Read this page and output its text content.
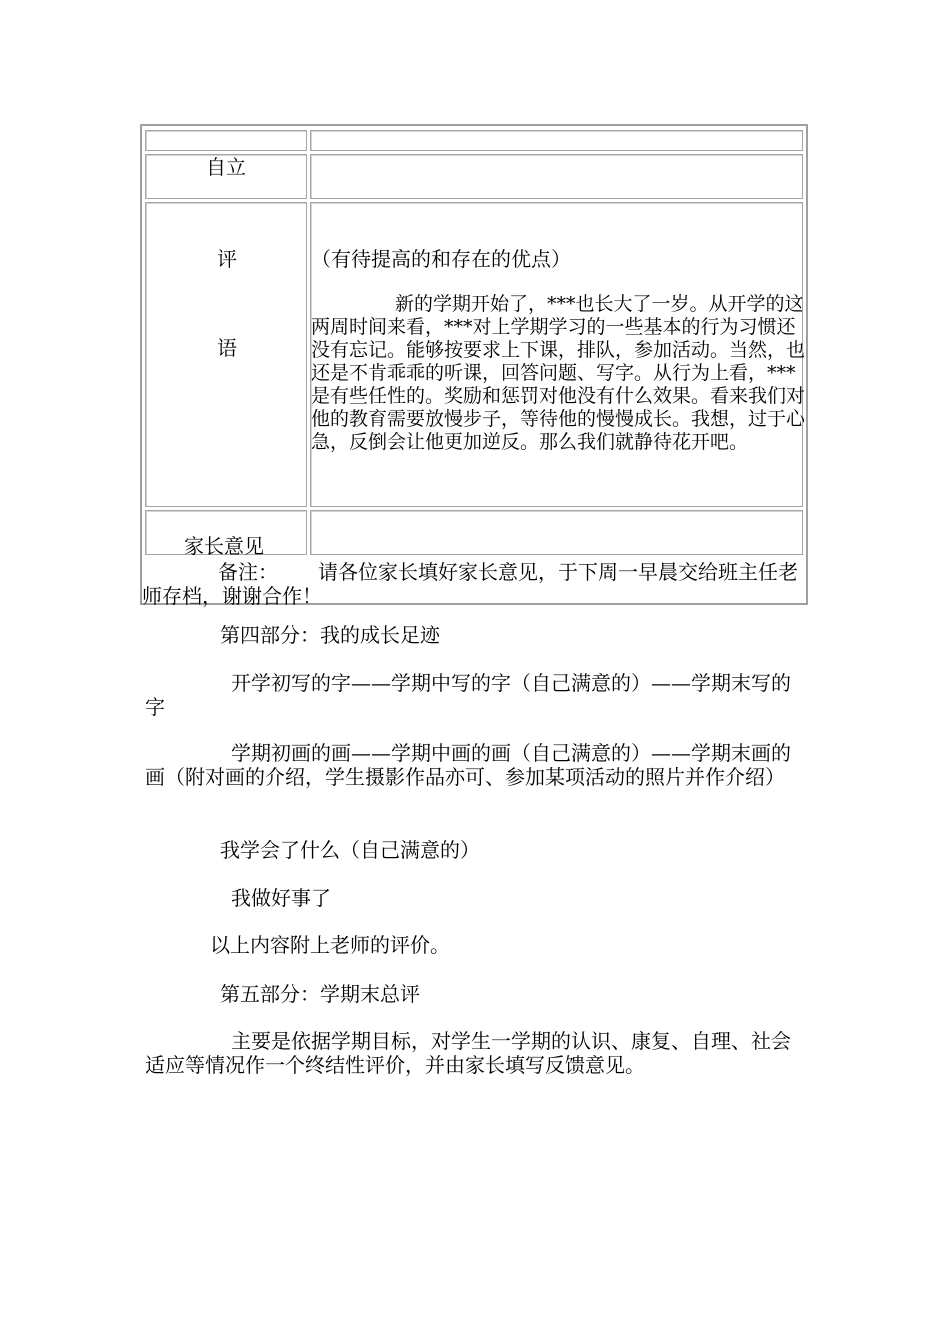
自立
评
语
（有待提高的和存在的优点）
新的学期开始了，***也长大了一岁。从开学的这两周时间来看，***对上学期学习的一些基本的行为习惯还没有忘记。能够按要求上下课，排队，参加活动。当然，也还是不肯乖乖的听课，回答问题、写字。从行为上看，***是有些任性的。奖励和惩罚对他没有什么效果。看来我们对他的教育需要放慢步子，等待他的慢慢成长。我想，过于心急，反倒会让他更加逆反。那么我们就静待花开吧。
家长意见
备注： 请各位家长填好家长意见，于下周一早晨交给班主任老师存档，谢谢合作！
第四部分：我的成长足迹
开学初写的字——学期中写的字（自己满意的）——学期末写的字
学期初画的画——学期中画的画（自己满意的）——学期末画的画（附对画的介绍，学生摄影作品亦可、参加某项活动的照片并作介绍）
我学会了什么（自己满意的）
我做好事了
以上内容附上老师的评价。
第五部分：学期末总评
主要是依据学期目标，对学生一学期的认识、康复、自理、社会适应等情况作一个终结性评价，并由家长填写反馈意见。
